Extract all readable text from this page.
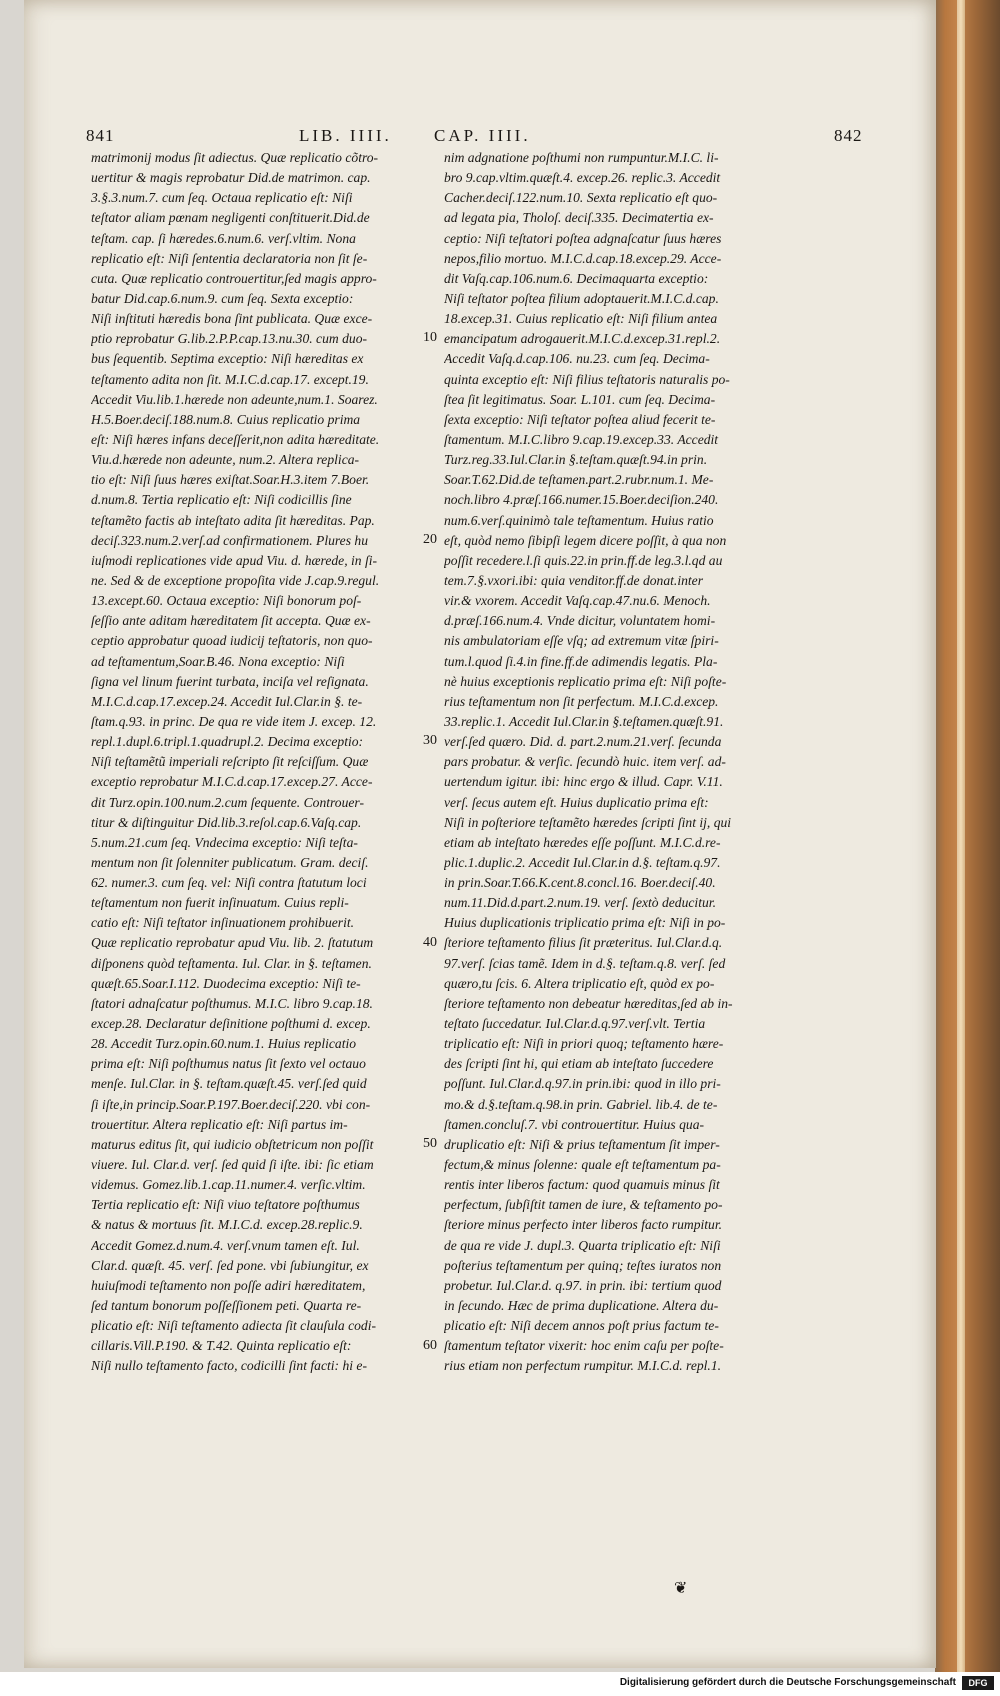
841	LIB. IIII. CAP. IIII.	842
matrimonij modus ſit adiectus. Quæ replicatio cõtro-
uertitur & magis reprobatur Did.de matrimon. cap.
3.§.3.num.7. cum ſeq. Octaua replicatio eſt: Niſi
teſtator aliam pœnam negligenti conſtituerit.Did.de
teſtam. cap. ſi hæredes.6.num.6. verſ.vltim. Nona
replicatio eſt: Niſi ſententia declaratoria non ſit ſe-
cuta. Quæ replicatio controuertitur,ſed magis appro-
batur Did.cap.6.num.9. cum ſeq. Sexta exceptio:
Niſi inſtituti hæredis bona ſint publicata. Quæ exce-
ptio reprobatur G.lib.2.P.P.cap.13.nu.30. cum duo-
bus ſequentib. Septima exceptio: Niſi hæreditas ex
teſtamento adita non ſit. M.I.C.d.cap.17. except.19.
Accedit Viu.lib.1.hærede non adeunte,num.1. Soarez.
H.5.Boer.deciſ.188.num.8. Cuius replicatio prima
eſt: Niſi hæres infans deceſſerit,non adita hæreditate.
Viu.d.hærede non adeunte, num.2. Altera replica-
tio eſt: Niſi ſuus hæres exiſtat.Soar.H.3.item 7.Boer.
d.num.8. Tertia replicatio eſt: Niſi codicillis ſine
teſtamẽto factis ab inteſtato adita ſit hæreditas. Pap.
deciſ.323.num.2.verſ.ad confirmationem. Plures hu
iuſmodi replicationes vide apud Viu. d. hærede, in ſi-
ne. Sed & de exceptione propoſita vide J.cap.9.regul.
13.except.60. Octaua exceptio: Niſi bonorum poſ-
ſeſſio ante aditam hæreditatem ſit accepta. Quæ ex-
ceptio approbatur quoad iudicij teſtatoris, non quo-
ad teſtamentum,Soar.B.46. Nona exceptio: Niſi
ſigna vel linum fuerint turbata, inciſa vel reſignata.
M.I.C.d.cap.17.excep.24. Accedit Iul.Clar.in §. te-
ſtam.q.93. in princ. De qua re vide item J. excep. 12.
repl.1.dupl.6.tripl.1.quadrupl.2. Decima exceptio:
Niſi teſtamẽtũ imperiali reſcripto ſit reſciſſum. Quæ
exceptio reprobatur M.I.C.d.cap.17.excep.27. Acce-
dit Turz.opin.100.num.2.cum ſequente. Controuer-
titur & diſtinguitur Did.lib.3.reſol.cap.6.Vaſq.cap.
5.num.21.cum ſeq. Vndecima exceptio: Niſi teſta-
mentum non ſit ſolenniter publicatum. Gram. deciſ.
62. numer.3. cum ſeq. vel: Niſi contra ſtatutum loci
teſtamentum non fuerit inſinuatum. Cuius repli-
catio eſt: Niſi teſtator inſinuationem prohibuerit.
Quæ replicatio reprobatur apud Viu. lib. 2. ſtatutum
diſponens quòd teſtamenta. Iul. Clar. in §. teſtamen.
quæſt.65.Soar.I.112. Duodecima exceptio: Niſi te-
ſtatori adnaſcatur poſthumus. M.I.C. libro 9.cap.18.
excep.28. Declaratur deſinitione poſthumi d. excep.
28. Accedit Turz.opin.60.num.1. Huius replicatio
prima eſt: Niſi poſthumus natus ſit ſexto vel octauo
menſe. Iul.Clar. in §. teſtam.quæſt.45. verſ.ſed quid
ſi iſte,in princip.Soar.P.197.Boer.deciſ.220. vbi con-
trouertitur. Altera replicatio eſt: Niſi partus im-
maturus editus ſit, qui iudicio obſtetricum non poſſit
viuere. Iul. Clar.d. verſ. ſed quid ſi iſte. ibi: ſic etiam
videmus. Gomez.lib.1.cap.11.numer.4. verſic.vltim.
Tertia replicatio eſt: Niſi viuo teſtatore poſthumus
& natus & mortuus ſit. M.I.C.d. excep.28.replic.9.
Accedit Gomez.d.num.4. verſ.vnum tamen eſt. Iul.
Clar.d. quæſt. 45. verſ. ſed pone. vbi ſubiungitur, ex
huiuſmodi teſtamento non poſſe adiri hæreditatem,
ſed tantum bonorum poſſeſſionem peti. Quarta re-
plicatio eſt: Niſi teſtamento adiecta ſit clauſula codi-
cillaris.Vill.P.190. & T.42. Quinta replicatio eſt:
Niſi nullo teſtamento facto, codicilli ſint facti: hi e-
nim adgnatione poſthumi non rumpuntur.M.I.C. li-
bro 9.cap.vltim.quæſt.4. excep.26. replic.3. Accedit
Cacher.deciſ.122.num.10. Sexta replicatio eſt quo-
ad legata pia, Tholoſ. deciſ.335. Decimatertia ex-
ceptio: Niſi teſtatori poſtea adgnaſcatur ſuus hæres
nepos,filio mortuo. M.I.C.d.cap.18.excep.29. Acce-
dit Vaſq.cap.106.num.6. Decimaquarta exceptio:
Niſi teſtator poſtea filium adoptauerit.M.I.C.d.cap.
18.excep.31. Cuius replicatio eſt: Niſi filium antea
emancipatum adrogauerit.M.I.C.d.excep.31.repl.2.
Accedit Vaſq.d.cap.106. nu.23. cum ſeq. Decima-
quinta exceptio eſt: Niſi filius teſtatoris naturalis po-
ſtea ſit legitimatus. Soar. L.101. cum ſeq. Decima-
ſexta exceptio: Niſi teſtator poſtea aliud fecerit te-
ſtamentum. M.I.C.libro 9.cap.19.excep.33. Accedit
Turz.reg.33.Iul.Clar.in §.teſtam.quæſt.94.in prin.
Soar.T.62.Did.de teſtamen.part.2.rubr.num.1. Me-
noch.libro 4.præſ.166.numer.15.Boer.deciſion.240.
num.6.verſ.quinimò tale teſtamentum. Huius ratio
eſt, quòd nemo ſibipſi legem dicere poſſit, à qua non
poſſit recedere.l.ſi quis.22.in prin.ff.de leg.3.l.qd au
tem.7.§.vxori.ibi: quia venditor.ff.de donat.inter
vir.& vxorem. Accedit Vaſq.cap.47.nu.6. Menoch.
d.præſ.166.num.4. Vnde dicitur, voluntatem homi-
nis ambulatoriam eſſe vſq; ad extremum vitæ ſpiri-
tum.l.quod ſi.4.in fine.ff.de adimendis legatis. Pla-
nè huius exceptionis replicatio prima eſt: Niſi poſte-
rius teſtamentum non ſit perfectum. M.I.C.d.excep.
33.replic.1. Accedit Iul.Clar.in §.teſtamen.quæſt.91.
verſ.ſed quæro. Did. d. part.2.num.21.verſ. ſecunda
pars probatur. & verſic. ſecundò huic. item verſ. ad-
uertendum igitur. ibi: hinc ergo & illud. Capr. V.11.
verſ. ſecus autem eſt. Huius duplicatio prima eſt:
Niſi in poſteriore teſtamẽto hæredes ſcripti ſint ij, qui
etiam ab inteſtato hæredes eſſe poſſunt. M.I.C.d.re-
plic.1.duplic.2. Accedit Iul.Clar.in d.§. teſtam.q.97.
in prin.Soar.T.66.K.cent.8.concl.16. Boer.deciſ.40.
num.11.Did.d.part.2.num.19. verſ. ſextò deducitur.
Huius duplicationis triplicatio prima eſt: Niſi in po-
ſteriore teſtamento filius ſit præteritus. Iul.Clar.d.q.
97.verſ. ſcias tamẽ. Idem in d.§. teſtam.q.8. verſ. ſed
quæro,tu ſcis. 6. Altera triplicatio eſt, quòd ex po-
ſteriore teſtamento non debeatur hæreditas,ſed ab in-
teſtato ſuccedatur. Iul.Clar.d.q.97.verſ.vlt. Tertia
triplicatio eſt: Niſi in priori quoq; teſtamento hære-
des ſcripti ſint hi, qui etiam ab inteſtato ſuccedere
poſſunt. Iul.Clar.d.q.97.in prin.ibi: quod in illo pri-
mo.& d.§.teſtam.q.98.in prin. Gabriel. lib.4. de te-
ſtamen.concluſ.7. vbi controuertitur. Huius qua-
druplicatio eſt: Niſi & prius teſtamentum ſit imper-
fectum,& minus ſolenne: quale eſt teſtamentum pa-
rentis inter liberos factum: quod quamuis minus ſit
perfectum, ſubſiſtit tamen de iure, & teſtamento po-
ſteriore minus perfecto inter liberos facto rumpitur.
de qua re vide J. dupl.3. Quarta triplicatio eſt: Niſi
poſterius teſtamentum per quinq; teſtes iuratos non
probetur. Iul.Clar.d. q.97. in prin. ibi: tertium quod
in ſecundo. Hæc de prima duplicatione. Altera du-
plicatio eſt: Niſi decem annos poſt prius factum te-
ſtamentum teſtator vixerit: hoc enim caſu per poſte-
rius etiam non perfectum rumpitur. M.I.C.d. repl.1.
10
20
30
40
50
60
❦
Digitalisierung gefördert durch die Deutsche Forschungsgemeinschaft	DFG
